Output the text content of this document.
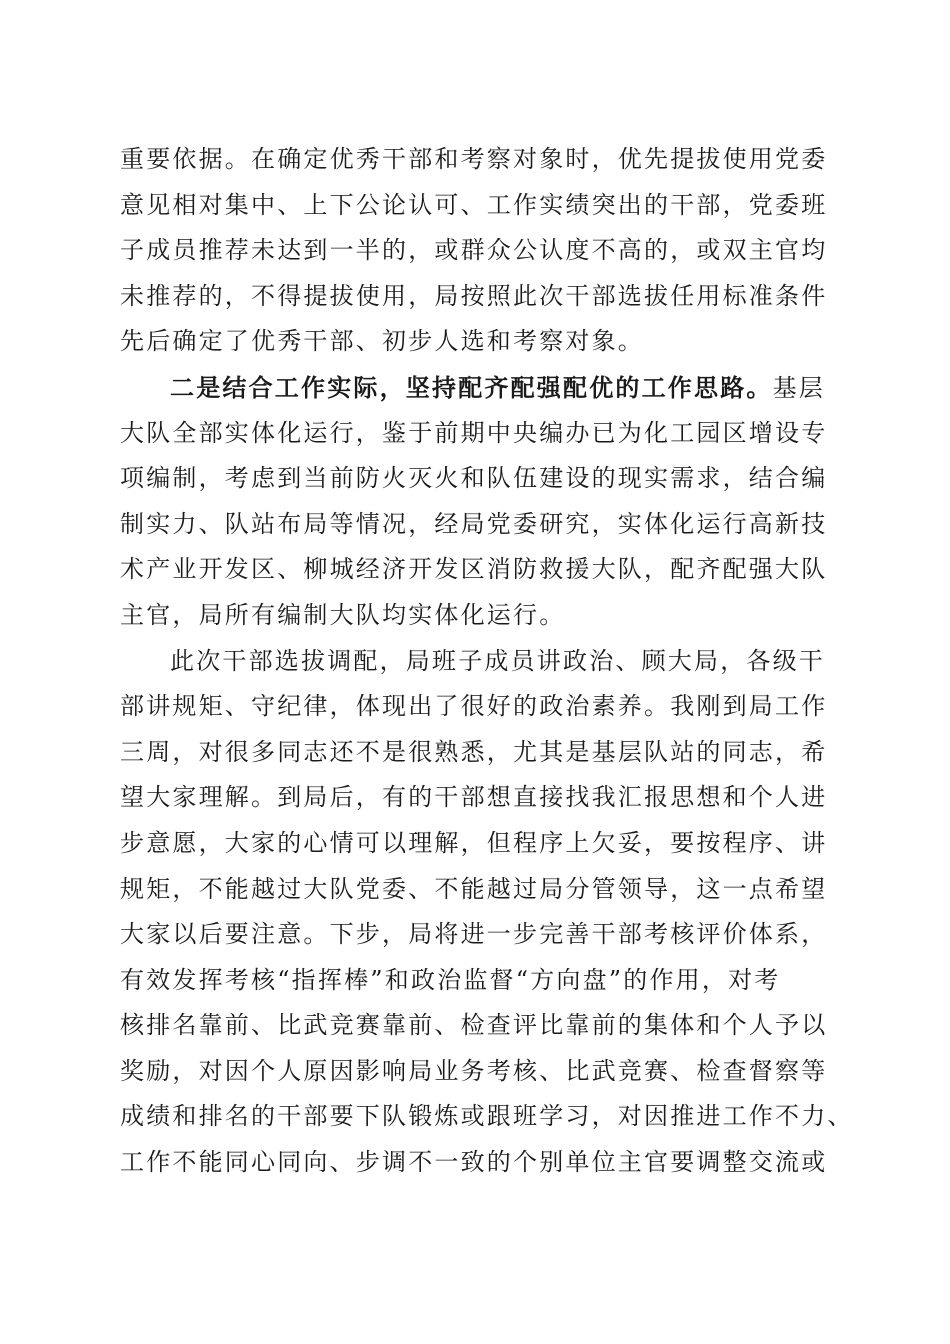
重要依据。在确定优秀干部和考察对象时，优先提拔使用党委
意见相对集中、上下公论认可、工作实绩突出的干部，党委班
子成员推荐未达到一半的，或群众公认度不高的，或双主官均
未推荐的，不得提拔使用，局按照此次干部选拔任用标准条件
先后确定了优秀干部、初步人选和考察对象。
二是结合工作实际，坚持配齐配强配优的工作思路。基层
大队全部实体化运行，鉴于前期中央编办已为化工园区增设专
项编制，考虑到当前防火灭火和队伍建设的现实需求，结合编
制实力、队站布局等情况，经局党委研究，实体化运行高新技
术产业开发区、柳城经济开发区消防救援大队，配齐配强大队
主官，局所有编制大队均实体化运行。
此次干部选拔调配，局班子成员讲政治、顾大局，各级干
部讲规矩、守纪律，体现出了很好的政治素养。我刚到局工作
三周，对很多同志还不是很熟悉，尤其是基层队站的同志，希
望大家理解。到局后，有的干部想直接找我汇报思想和个人进
步意愿，大家的心情可以理解，但程序上欠妥，要按程序、讲
规矩，不能越过大队党委、不能越过局分管领导，这一点希望
大家以后要注意。下步，局将进一步完善干部考核评价体系，
有效发挥考核“指挥棒”和政治监督“方向盘”的作用，对考
核排名靠前、比武竞赛靠前、检查评比靠前的集体和个人予以
奖励，对因个人原因影响局业务考核、比武竞赛、检查督察等
成绩和排名的干部要下队锻炼或跟班学习，对因推进工作不力、
工作不能同心同向、步调不一致的个别单位主官要调整交流或
